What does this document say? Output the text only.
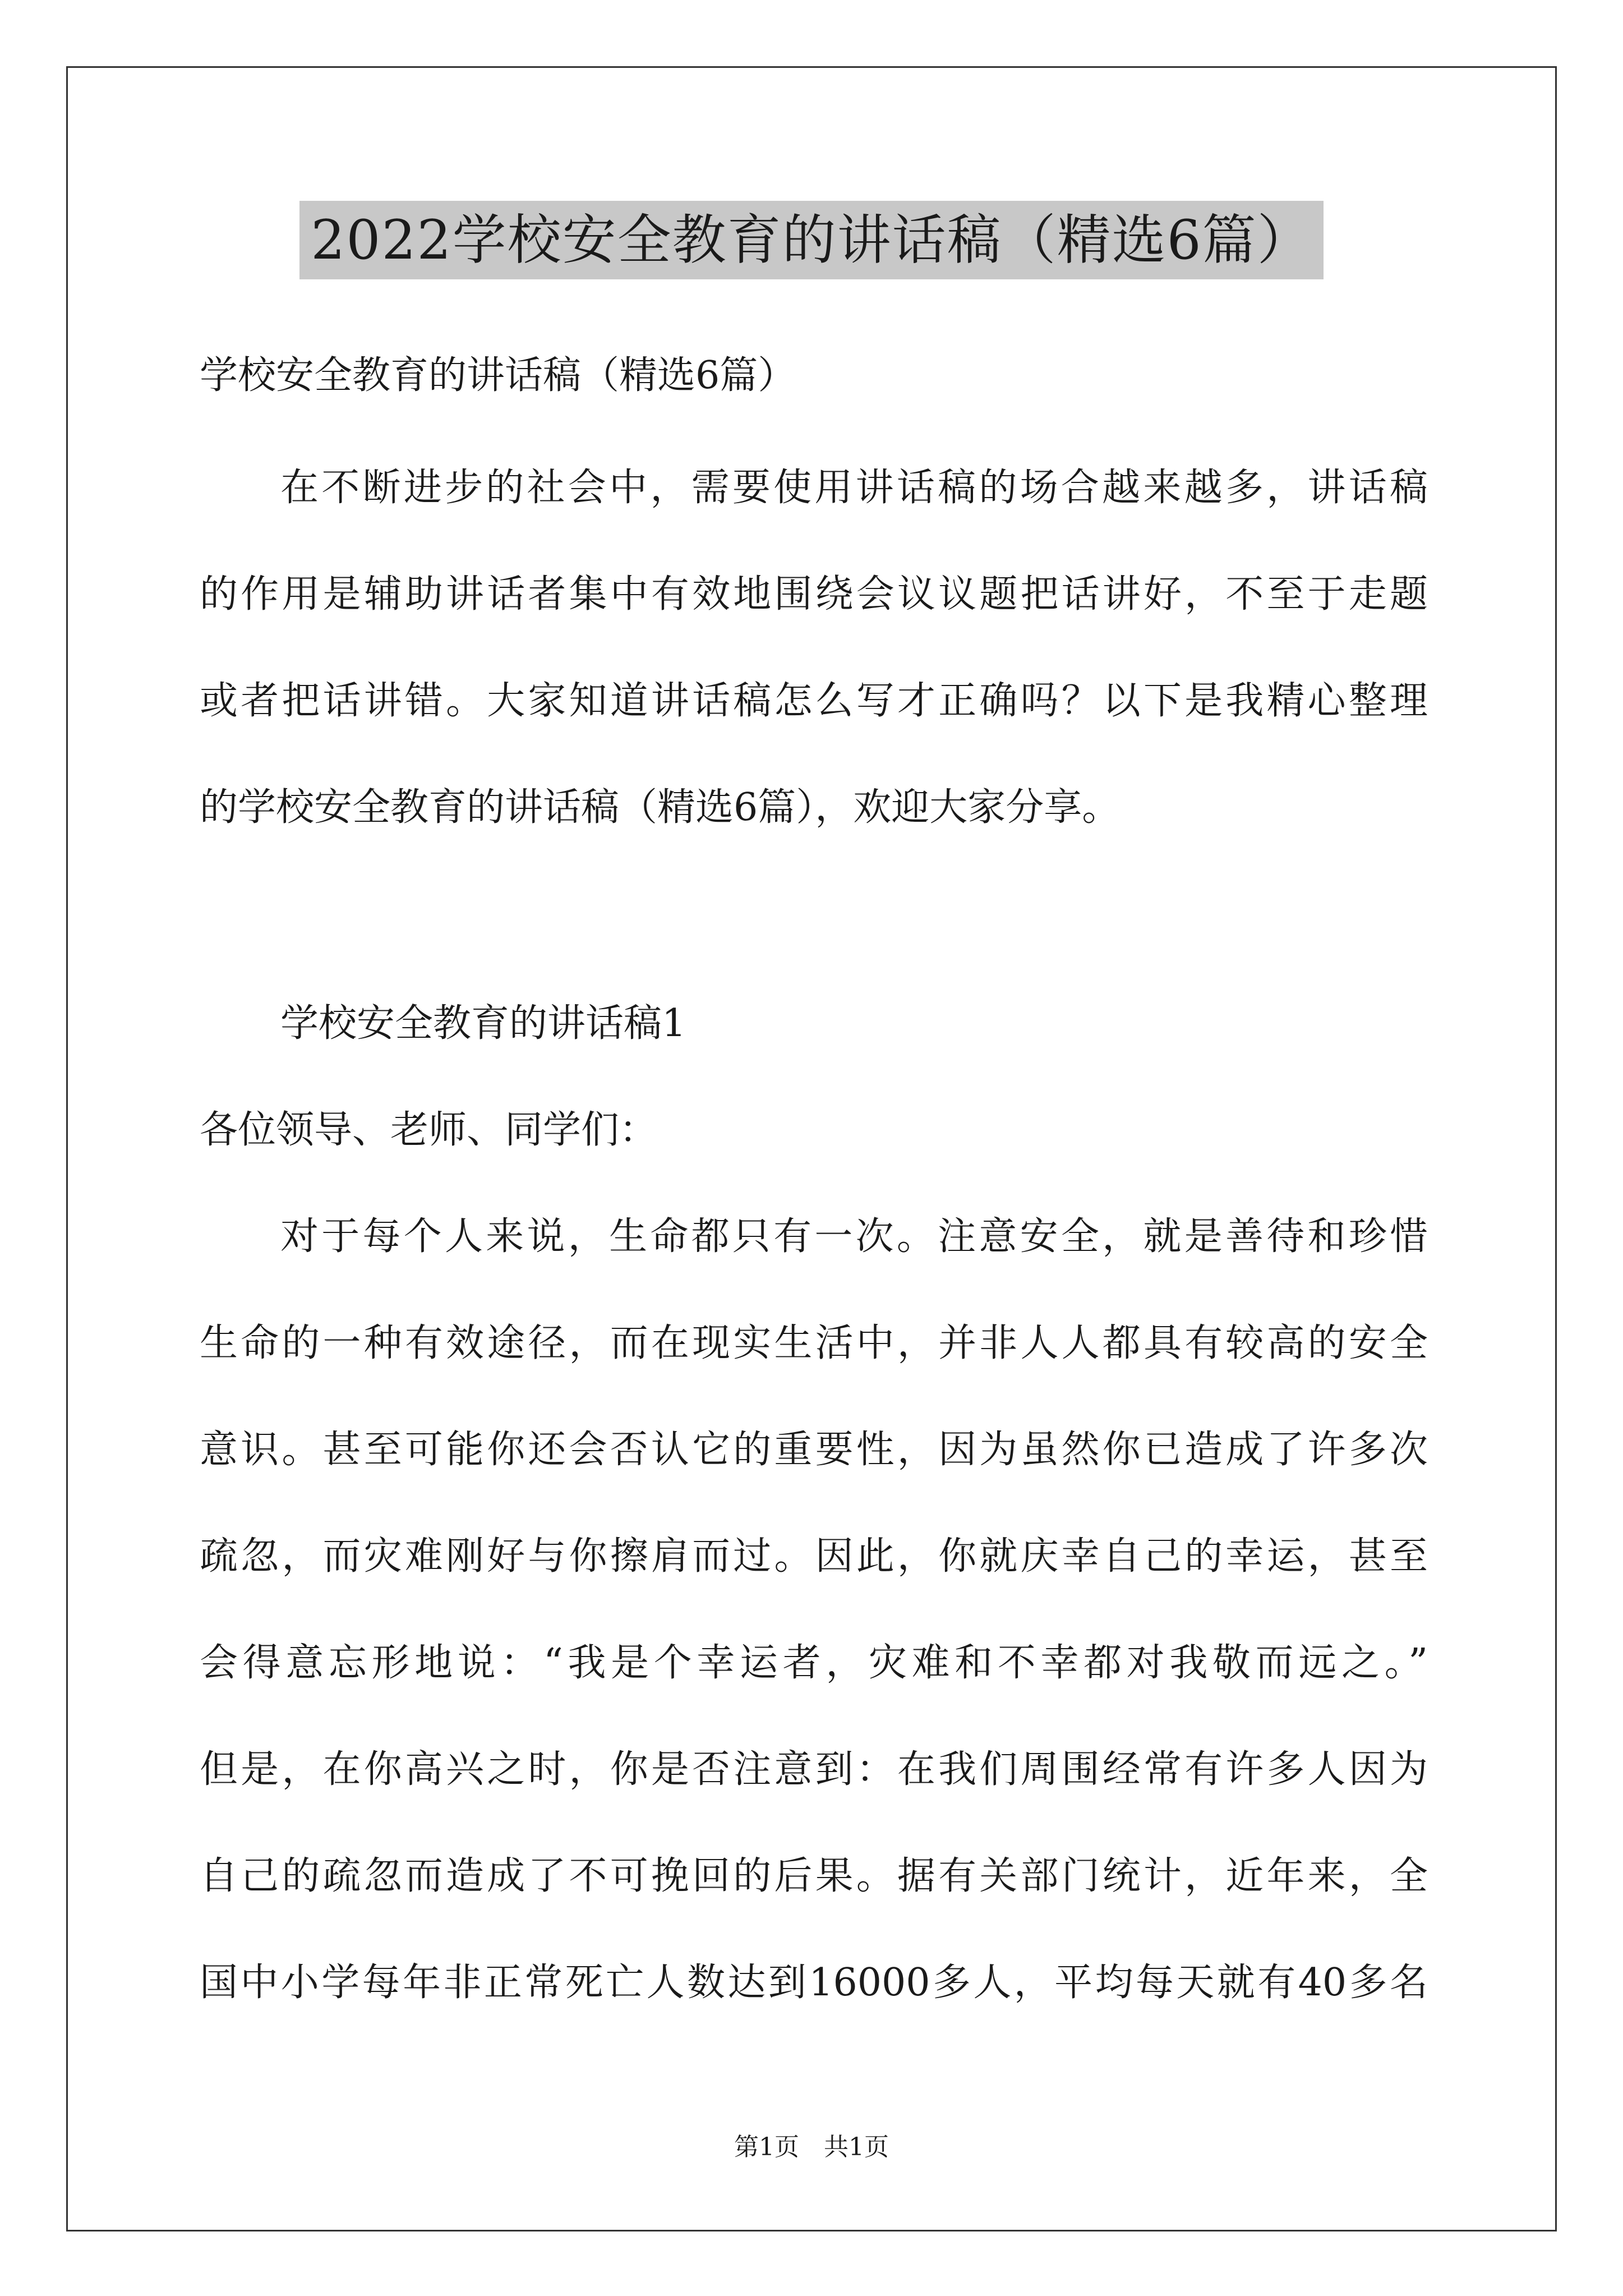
2022学校安全教育的讲话稿（精选6篇）
学校安全教育的讲话稿（精选6篇）
在不断进步的社会中，需要使用讲话稿的场合越来越多，讲话稿
的作用是辅助讲话者集中有效地围绕会议议题把话讲好，不至于走题
或者把话讲错。大家知道讲话稿怎么写才正确吗？以下是我精心整理
的学校安全教育的讲话稿（精选6篇），欢迎大家分享。
学校安全教育的讲话稿1
各位领导、老师、同学们：
对于每个人来说，生命都只有一次。注意安全，就是善待和珍惜
生命的一种有效途径，而在现实生活中，并非人人都具有较高的安全
意识。甚至可能你还会否认它的重要性，因为虽然你已造成了许多次
疏忽，而灾难刚好与你擦肩而过。因此，你就庆幸自己的幸运，甚至
会得意忘形地说：“我是个幸运者，灾难和不幸都对我敬而远之。”
但是，在你高兴之时，你是否注意到：在我们周围经常有许多人因为
自己的疏忽而造成了不可挽回的后果。据有关部门统计，近年来，全
国中小学每年非正常死亡人数达到16000多人，平均每天就有40多名
第1页 共1页
